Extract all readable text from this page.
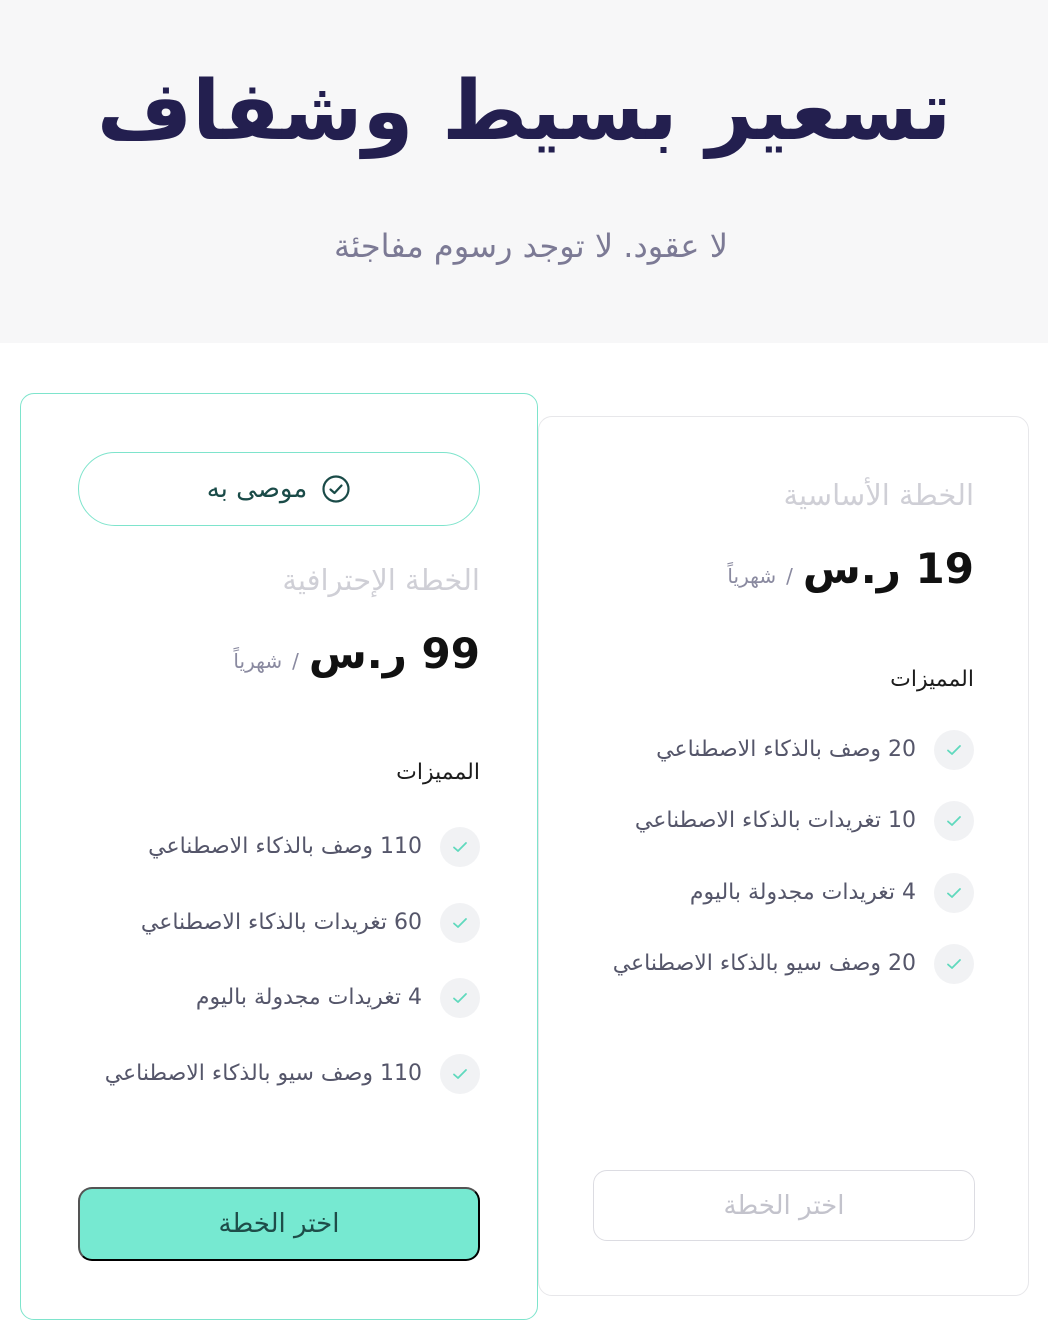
تسعير بسيط وشفاف
لا عقود. لا توجد رسوم مفاجئة
موصى به
الخطة الإحترافية
99 ر.س
/
شهرياً
المميزات
110 وصف بالذكاء الاصطناعي
60 تغريدات بالذكاء الاصطناعي
4 تغريدات مجدولة باليوم
110 وصف سيو بالذكاء الاصطناعي
اختر الخطة
الخطة الأساسية
19 ر.س
/
شهرياً
المميزات
20 وصف بالذكاء الاصطناعي
10 تغريدات بالذكاء الاصطناعي
4 تغريدات مجدولة باليوم
20 وصف سيو بالذكاء الاصطناعي
اختر الخطة
